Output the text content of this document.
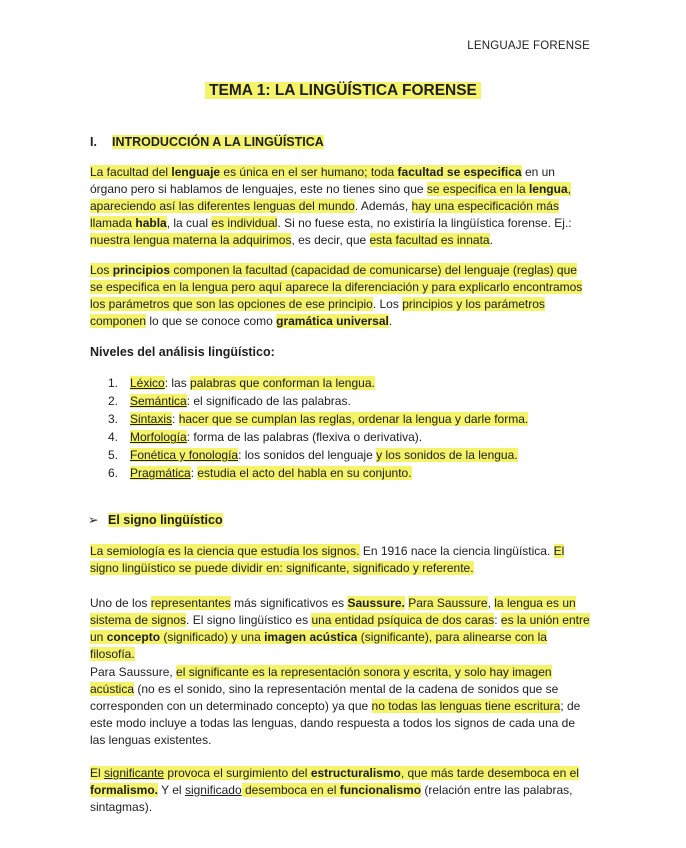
LENGUAJE FORENSE
TEMA 1: LA LINGÜÍSTICA FORENSE
I. INTRODUCCIÓN A LA LINGÜÍSTICA
La facultad del lenguaje es única en el ser humano; toda facultad se especifica en un órgano pero si hablamos de lenguajes, este no tienes sino que se especifica en la lengua, apareciendo así las diferentes lenguas del mundo. Además, hay una especificación más llamada habla, la cual es individual. Si no fuese esta, no existiría la lingüística forense. Ej.: nuestra lengua materna la adquirimos, es decir, que esta facultad es innata.
Los principios componen la facultad (capacidad de comunicarse) del lenguaje (reglas) que se especifica en la lengua pero aquí aparece la diferenciación y para explicarlo encontramos los parámetros que son las opciones de ese principio. Los principios y los parámetros componen lo que se conoce como gramática universal.
Niveles del análisis lingüístico:
1. Léxico: las palabras que conforman la lengua.
2. Semántica: el significado de las palabras.
3. Sintaxis: hacer que se cumplan las reglas, ordenar la lengua y darle forma.
4. Morfología: forma de las palabras (flexiva o derivativa).
5. Fonética y fonología: los sonidos del lenguaje y los sonidos de la lengua.
6. Pragmática: estudia el acto del habla en su conjunto.
➢ El signo lingüístico
La semiología es la ciencia que estudia los signos. En 1916 nace la ciencia lingüística. El signo lingüístico se puede dividir en: significante, significado y referente.
Uno de los representantes más significativos es Saussure. Para Saussure, la lengua es un sistema de signos. El signo lingüístico es una entidad psíquica de dos caras: es la unión entre un concepto (significado) y una imagen acústica (significante), para alinearse con la filosofía.
Para Saussure, el significante es la representación sonora y escrita, y solo hay imagen acústica (no es el sonido, sino la representación mental de la cadena de sonidos que se corresponden con un determinado concepto) ya que no todas las lenguas tiene escritura; de este modo incluye a todas las lenguas, dando respuesta a todos los signos de cada una de las lenguas existentes.
El significante provoca el surgimiento del estructuralismo, que más tarde desemboca en el formalismo. Y el significado desemboca en el funcionalismo (relación entre las palabras, sintagmas).
